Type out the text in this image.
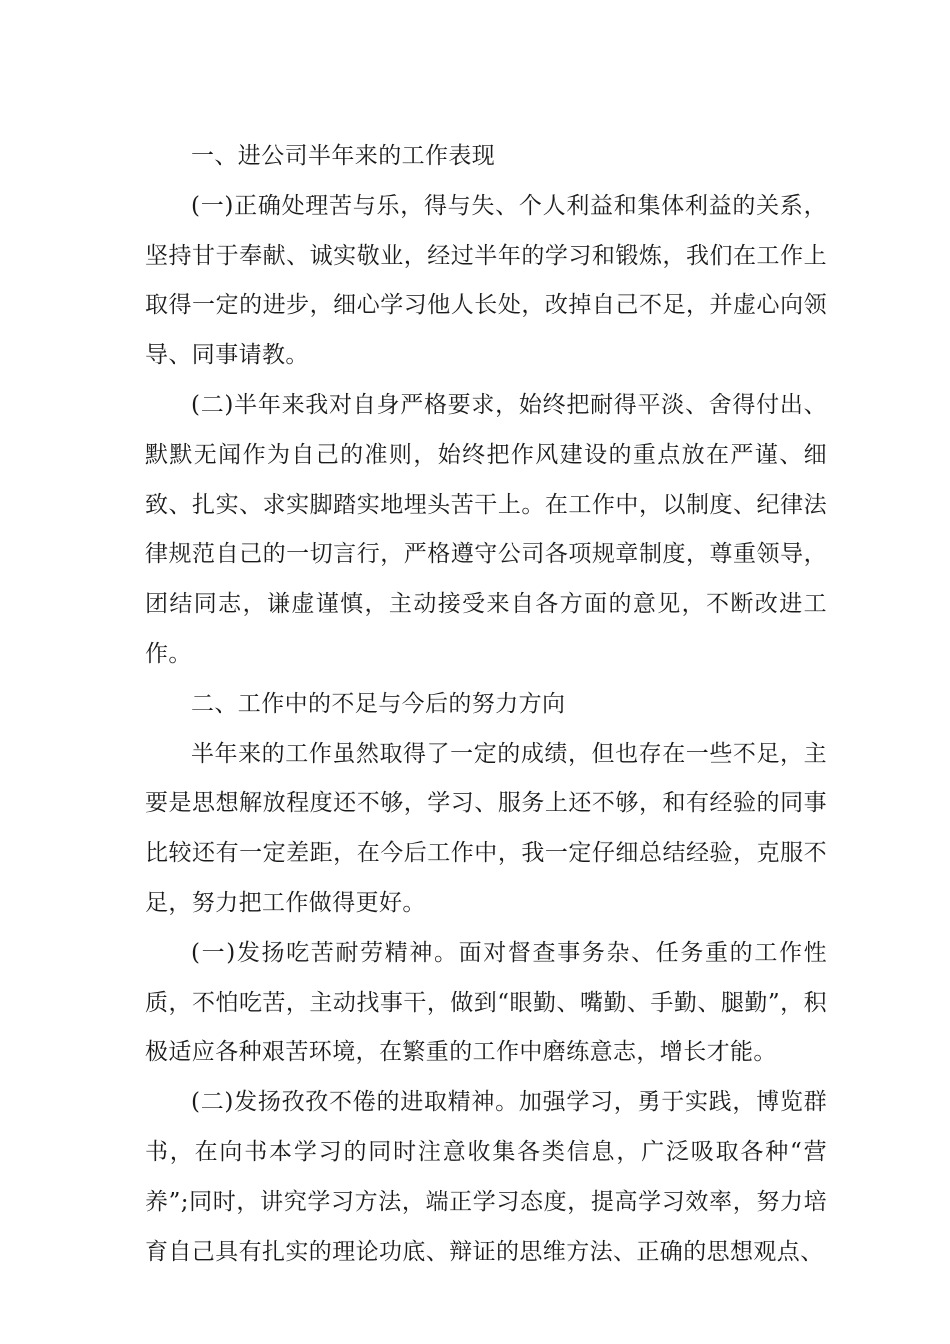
一、进公司半年来的工作表现

(一)正确处理苦与乐，得与失、个人利益和集体利益的关系，坚持甘于奉献、诚实敬业，经过半年的学习和锻炼，我们在工作上取得一定的进步，细心学习他人长处，改掉自己不足，并虚心向领导、同事请教。

(二)半年来我对自身严格要求，始终把耐得平淡、舍得付出、默默无闻作为自己的准则，始终把作风建设的重点放在严谨、细致、扎实、求实脚踏实地埋头苦干上。在工作中，以制度、纪律法律规范自己的一切言行，严格遵守公司各项规章制度，尊重领导，团结同志，谦虚谨慎，主动接受来自各方面的意见，不断改进工作。

二、工作中的不足与今后的努力方向

半年来的工作虽然取得了一定的成绩，但也存在一些不足，主要是思想解放程度还不够，学习、服务上还不够，和有经验的同事比较还有一定差距，在今后工作中，我一定仔细总结经验，克服不足，努力把工作做得更好。

(一)发扬吃苦耐劳精神。面对督查事务杂、任务重的工作性质，不怕吃苦，主动找事干，做到“眼勤、嘴勤、手勤、腿勤”，积极适应各种艰苦环境，在繁重的工作中磨练意志，增长才能。

(二)发扬孜孜不倦的进取精神。加强学习，勇于实践，博览群书，在向书本学习的同时注意收集各类信息，广泛吸取各种“营养”;同时，讲究学习方法，端正学习态度，提高学习效率，努力培育自己具有扎实的理论功底、辩证的思维方法、正确的思想观点、
